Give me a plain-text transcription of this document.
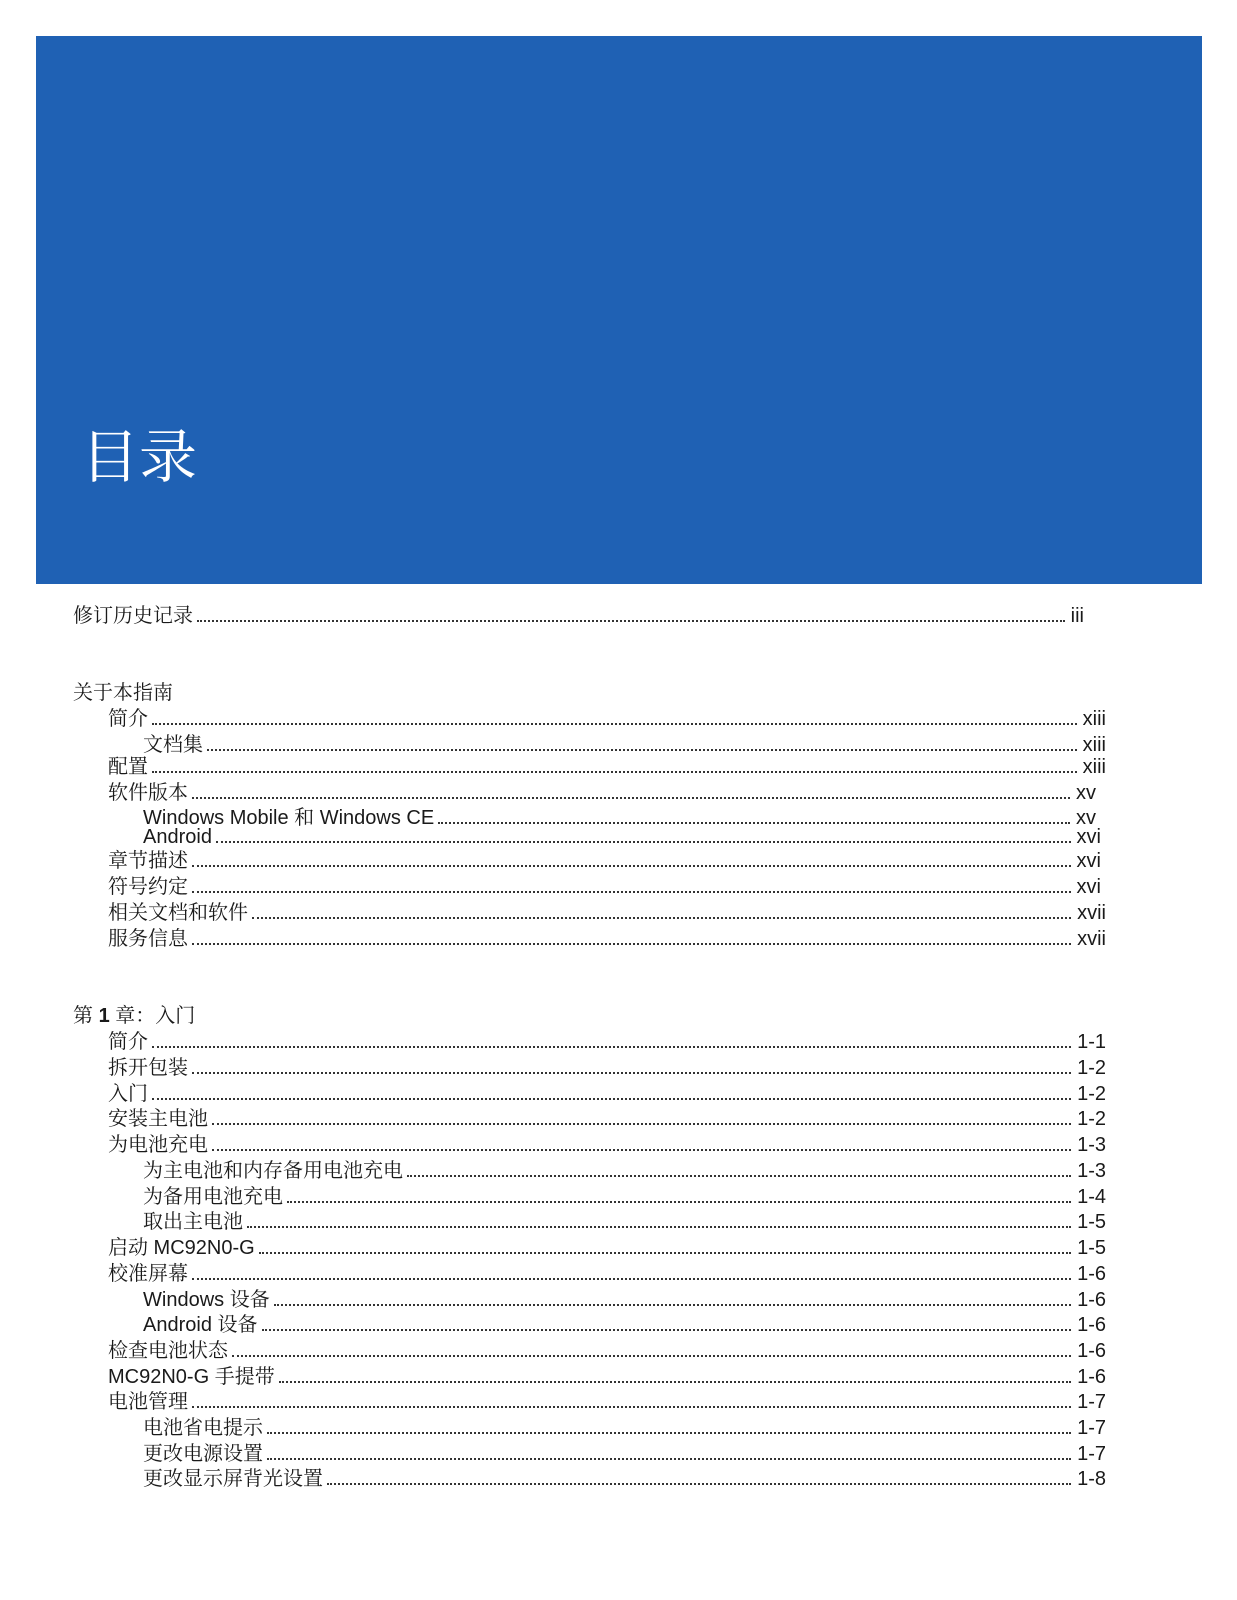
目录
修订历史记录	iii
关于本指南
简介	xiii
文档集	xiii
配置	xiii
软件版本	xv
Windows Mobile 和 Windows CE	xv
Android	xvi
章节描述	xvi
符号约定	xvi
相关文档和软件	xvii
服务信息	xvii
第 1 章：入门
简介	1-1
拆开包装	1-2
入门	1-2
安装主电池	1-2
为电池充电	1-3
为主电池和内存备用电池充电	1-3
为备用电池充电	1-4
取出主电池	1-5
启动 MC92N0-G	1-5
校准屏幕	1-6
Windows 设备	1-6
Android 设备	1-6
检查电池状态	1-6
MC92N0-G 手提带	1-6
电池管理	1-7
电池省电提示	1-7
更改电源设置	1-7
更改显示屏背光设置	1-8
